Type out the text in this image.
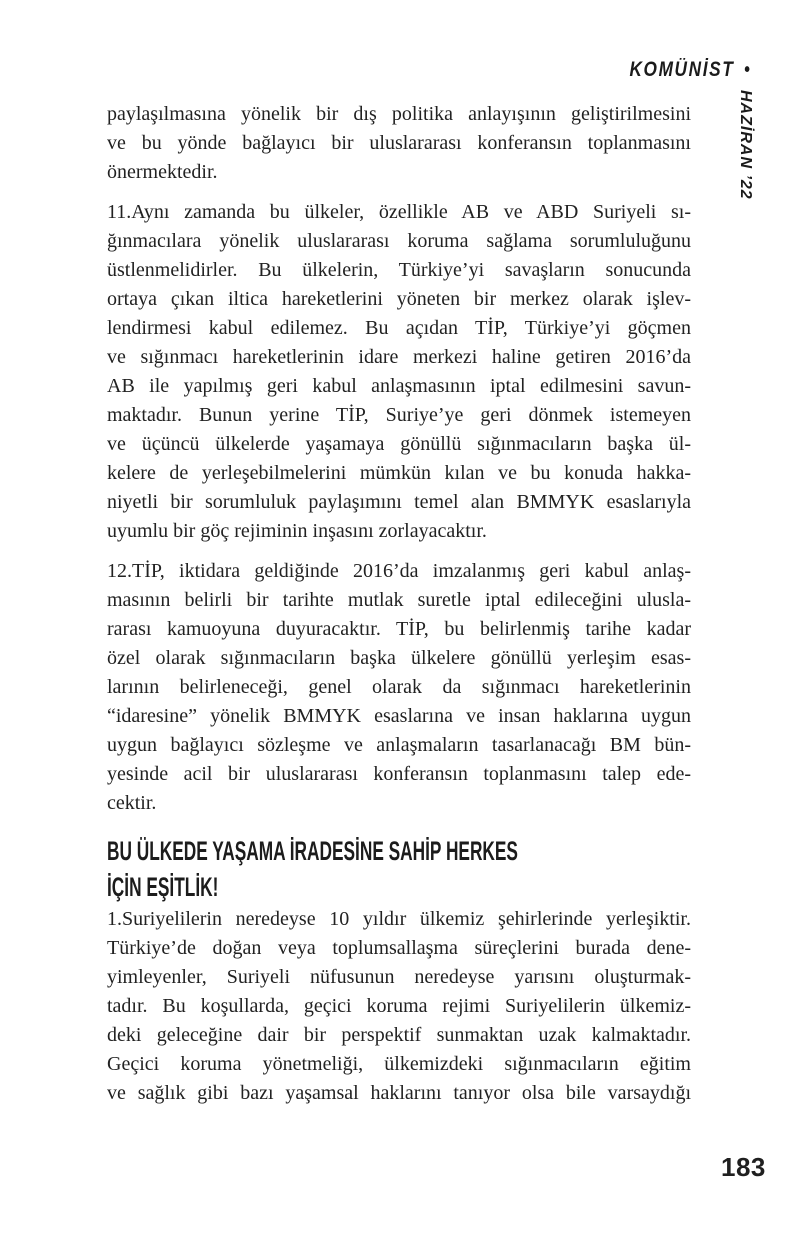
KOMÜNİST •
HAZİRAN ’22

paylaşılmasına yönelik bir dış politika anlayışının geliştirilmesini
ve bu yönde bağlayıcı bir uluslararası konferansın toplanmasını
önermektedir.

11.Aynı zamanda bu ülkeler, özellikle AB ve ABD Suriyeli sı-
ğınmacılara yönelik uluslararası koruma sağlama sorumluluğunu
üstlenmelidirler. Bu ülkelerin, Türkiye’yi savaşların sonucunda
ortaya çıkan iltica hareketlerini yöneten bir merkez olarak işlev-
lendirmesi kabul edilemez. Bu açıdan TİP, Türkiye’yi göçmen
ve sığınmacı hareketlerinin idare merkezi haline getiren 2016’da
AB ile yapılmış geri kabul anlaşmasının iptal edilmesini savun-
maktadır. Bunun yerine TİP, Suriye’ye geri dönmek istemeyen
ve üçüncü ülkelerde yaşamaya gönüllü sığınmacıların başka ül-
kelere de yerleşebilmelerini mümkün kılan ve bu konuda hakka-
niyetli bir sorumluluk paylaşımını temel alan BMMYK esaslarıyla
uyumlu bir göç rejiminin inşasını zorlayacaktır.

12.TİP, iktidara geldiğinde 2016’da imzalanmış geri kabul anlaş-
masının belirli bir tarihte mutlak suretle iptal edileceğini ulusla-
rarası kamuoyuna duyuracaktır. TİP, bu belirlenmiş tarihe kadar
özel olarak sığınmacıların başka ülkelere gönüllü yerleşim esas-
larının belirleneceği, genel olarak da sığınmacı hareketlerinin
“idaresine” yönelik BMMYK esaslarına ve insan haklarına uygun
uygun bağlayıcı sözleşme ve anlaşmaların tasarlanacağı BM bün-
yesinde acil bir uluslararası konferansın toplanmasını talep ede-
cektir.

BU ÜLKEDE YAŞAMA İRADESİNE SAHİP HERKES
İÇİN EŞİTLİK!

1.Suriyelilerin neredeyse 10 yıldır ülkemiz şehirlerinde yerleşiktir.
Türkiye’de doğan veya toplumsallaşma süreçlerini burada dene-
yimleyenler, Suriyeli nüfusunun neredeyse yarısını oluşturmak-
tadır. Bu koşullarda, geçici koruma rejimi Suriyelilerin ülkemiz-
deki geleceğine dair bir perspektif sunmaktan uzak kalmaktadır.
Geçici koruma yönetmeliği, ülkemizdeki sığınmacıların eğitim
ve sağlık gibi bazı yaşamsal haklarını tanıyor olsa bile varsaydığı

183
